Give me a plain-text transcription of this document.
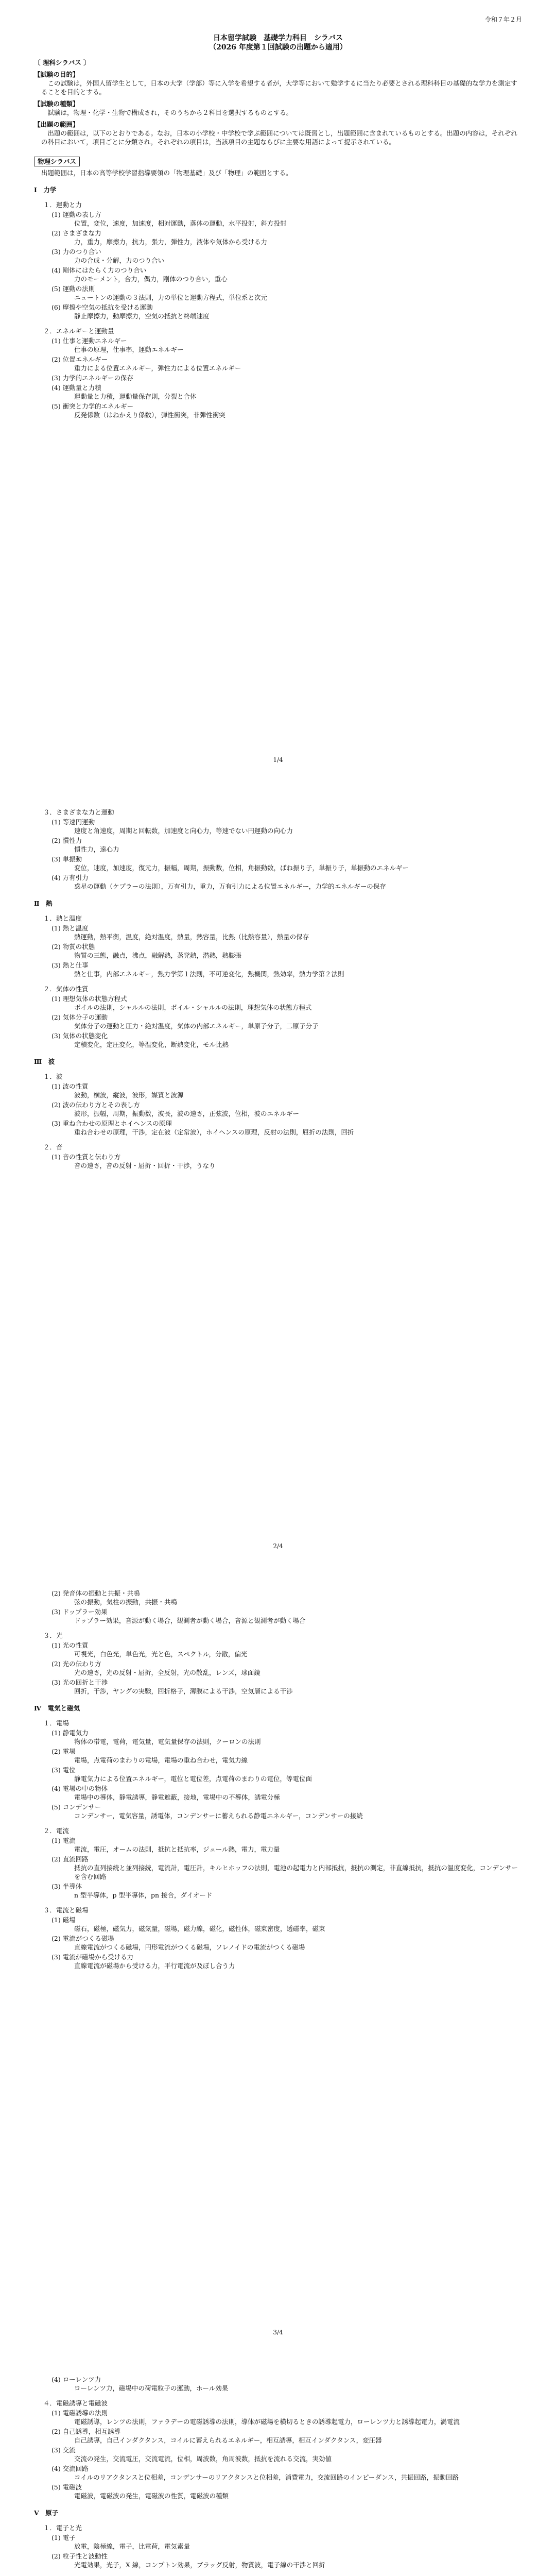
令和７年２月
日本留学試験　基礎学力科目　シラバス
（2026 年度第１回試験の出題から適用）
〔 理科シラバス 〕
【試験の目的】
この試験は，外国人留学生として，日本の大学（学部）等に入学を希望する者が，大学等において勉学するに当たり必要とされる理科科目の基礎的な学力を測定することを目的とする。
【試験の種類】
試験は，物理・化学・生物で構成され，そのうちから２科目を選択するものとする。
【出題の範囲】
出題の範囲は，以下のとおりである。なお，日本の小学校・中学校で学ぶ範囲については既習とし，出題範囲に含まれているものとする。出題の内容は，それぞれの科目において，項目ごとに分類され，それぞれの項目は，当該項目の主題ならびに主要な用語によって提示されている。
物理シラバス
出題範囲は，日本の高等学校学習指導要領の「物理基礎」及び「物理」の範囲とする。
Ⅰ　力学
１．運動と力
(1) 運動の表し方
位置，変位，速度，加速度，相対運動，落体の運動，水平投射，斜方投射
(2) さまざまな力
力，重力，摩擦力，抗力，張力，弾性力，液体や気体から受ける力
(3) 力のつり合い
力の合成・分解，力のつり合い
(4) 剛体にはたらく力のつり合い
力のモーメント，合力，偶力，剛体のつり合い，重心
(5) 運動の法則
ニュートンの運動の３法則，力の単位と運動方程式，単位系と次元
(6) 摩擦や空気の抵抗を受ける運動
静止摩擦力，動摩擦力，空気の抵抗と終端速度
２．エネルギーと運動量
(1) 仕事と運動エネルギー
仕事の原理，仕事率，運動エネルギー
(2) 位置エネルギー
重力による位置エネルギー，弾性力による位置エネルギー
(3) 力学的エネルギーの保存
(4) 運動量と力積
運動量と力積，運動量保存則，分裂と合体
(5) 衝突と力学的エネルギー
反発係数（はねかえり係数），弾性衝突，非弾性衝突
1/4
３．さまざまな力と運動
(1) 等速円運動
速度と角速度，周期と回転数，加速度と向心力，等速でない円運動の向心力
(2) 慣性力
慣性力，遠心力
(3) 単振動
変位，速度，加速度，復元力，振幅，周期，振動数，位相，角振動数，ばね振り子，単振り子，単振動のエネルギー
(4) 万有引力
惑星の運動（ケプラーの法則），万有引力，重力，万有引力による位置エネルギー，力学的エネルギーの保存
Ⅱ　熱
１．熱と温度
(1) 熱と温度
熱運動，熱平衡，温度，絶対温度，熱量，熱容量，比熱（比熱容量），熱量の保存
(2) 物質の状態
物質の三態，融点，沸点，融解熱，蒸発熱，潜熱，熱膨張
(3) 熱と仕事
熱と仕事，内部エネルギー，熱力学第１法則，不可逆変化，熱機関，熱効率，熱力学第２法則
２．気体の性質
(1) 理想気体の状態方程式
ボイルの法則，シャルルの法則，ボイル・シャルルの法則，理想気体の状態方程式
(2) 気体分子の運動
気体分子の運動と圧力・絶対温度，気体の内部エネルギー，単原子分子，二原子分子
(3) 気体の状態変化
定積変化，定圧変化，等温変化，断熱変化，モル比熱
Ⅲ　波
１．波
(1) 波の性質
波動，横波，縦波，波形，媒質と波源
(2) 波の伝わり方とその表し方
波形，振幅，周期，振動数，波長，波の速さ，正弦波，位相，波のエネルギー
(3) 重ね合わせの原理とホイヘンスの原理
重ね合わせの原理，干渉，定在波（定常波），ホイヘンスの原理，反射の法則，屈折の法則，回折
２．音
(1) 音の性質と伝わり方
音の速さ，音の反射・屈折・回折・干渉，うなり
2/4
(2) 発音体の振動と共振・共鳴
弦の振動，気柱の振動，共振・共鳴
(3) ドップラー効果
ドップラー効果，音源が動く場合，観測者が動く場合，音源と観測者が動く場合
３．光
(1) 光の性質
可視光，白色光，単色光，光と色，スペクトル，分散，偏光
(2) 光の伝わり方
光の速さ，光の反射・屈折，全反射，光の散乱，レンズ，球面鏡
(3) 光の回折と干渉
回折，干渉，ヤングの実験，回折格子，薄膜による干渉，空気層による干渉
Ⅳ　電気と磁気
１．電場
(1) 静電気力
物体の帯電，電荷，電気量，電気量保存の法則，クーロンの法則
(2) 電場
電場，点電荷のまわりの電場，電場の重ね合わせ，電気力線
(3) 電位
静電気力による位置エネルギー，電位と電位差，点電荷のまわりの電位，等電位面
(4) 電場の中の物体
電場中の導体，静電誘導，静電遮蔽，接地，電場中の不導体，誘電分極
(5) コンデンサー
コンデンサー，電気容量，誘電体，コンデンサーに蓄えられる静電エネルギー，コンデンサーの接続
２．電流
(1) 電流
電流，電圧，オームの法則，抵抗と抵抗率，ジュール熱，電力，電力量
(2) 直流回路
抵抗の直列接続と並列接続，電流計，電圧計，キルヒホッフの法則，電池の起電力と内部抵抗，抵抗の測定，非直線抵抗，抵抗の温度変化，コンデンサーを含む回路
(3) 半導体
n 型半導体，p 型半導体，pn 接合，ダイオード
３．電流と磁場
(1) 磁場
磁石，磁極，磁気力，磁気量，磁場，磁力線，磁化，磁性体，磁束密度，透磁率，磁束
(2) 電流がつくる磁場
直線電流がつくる磁場，円形電流がつくる磁場，ソレノイドの電流がつくる磁場
(3) 電流が磁場から受ける力
直線電流が磁場から受ける力，平行電流が及ぼし合う力
3/4
(4) ローレンツ力
ローレンツ力，磁場中の荷電粒子の運動，ホール効果
４．電磁誘導と電磁波
(1) 電磁誘導の法則
電磁誘導，レンツの法則，ファラデーの電磁誘導の法則，導体が磁場を横切るときの誘導起電力，ローレンツ力と誘導起電力，渦電流
(2) 自己誘導，相互誘導
自己誘導，自己インダクタンス，コイルに蓄えられるエネルギー，相互誘導，相互インダクタンス，変圧器
(3) 交流
交流の発生，交流電圧，交流電流，位相，周波数，角周波数，抵抗を流れる交流，実効値
(4) 交流回路
コイルのリアクタンスと位相差，コンデンサーのリアクタンスと位相差，消費電力，交流回路のインピーダンス，共振回路，振動回路
(5) 電磁波
電磁波，電磁波の発生，電磁波の性質，電磁波の種類
Ⅴ　原子
１．電子と光
(1) 電子
放電，陰極線，電子，比電荷，電気素量
(2) 粒子性と波動性
光電効果，光子，X 線，コンプトン効果，ブラッグ反射，物質波，電子線の干渉と回折
